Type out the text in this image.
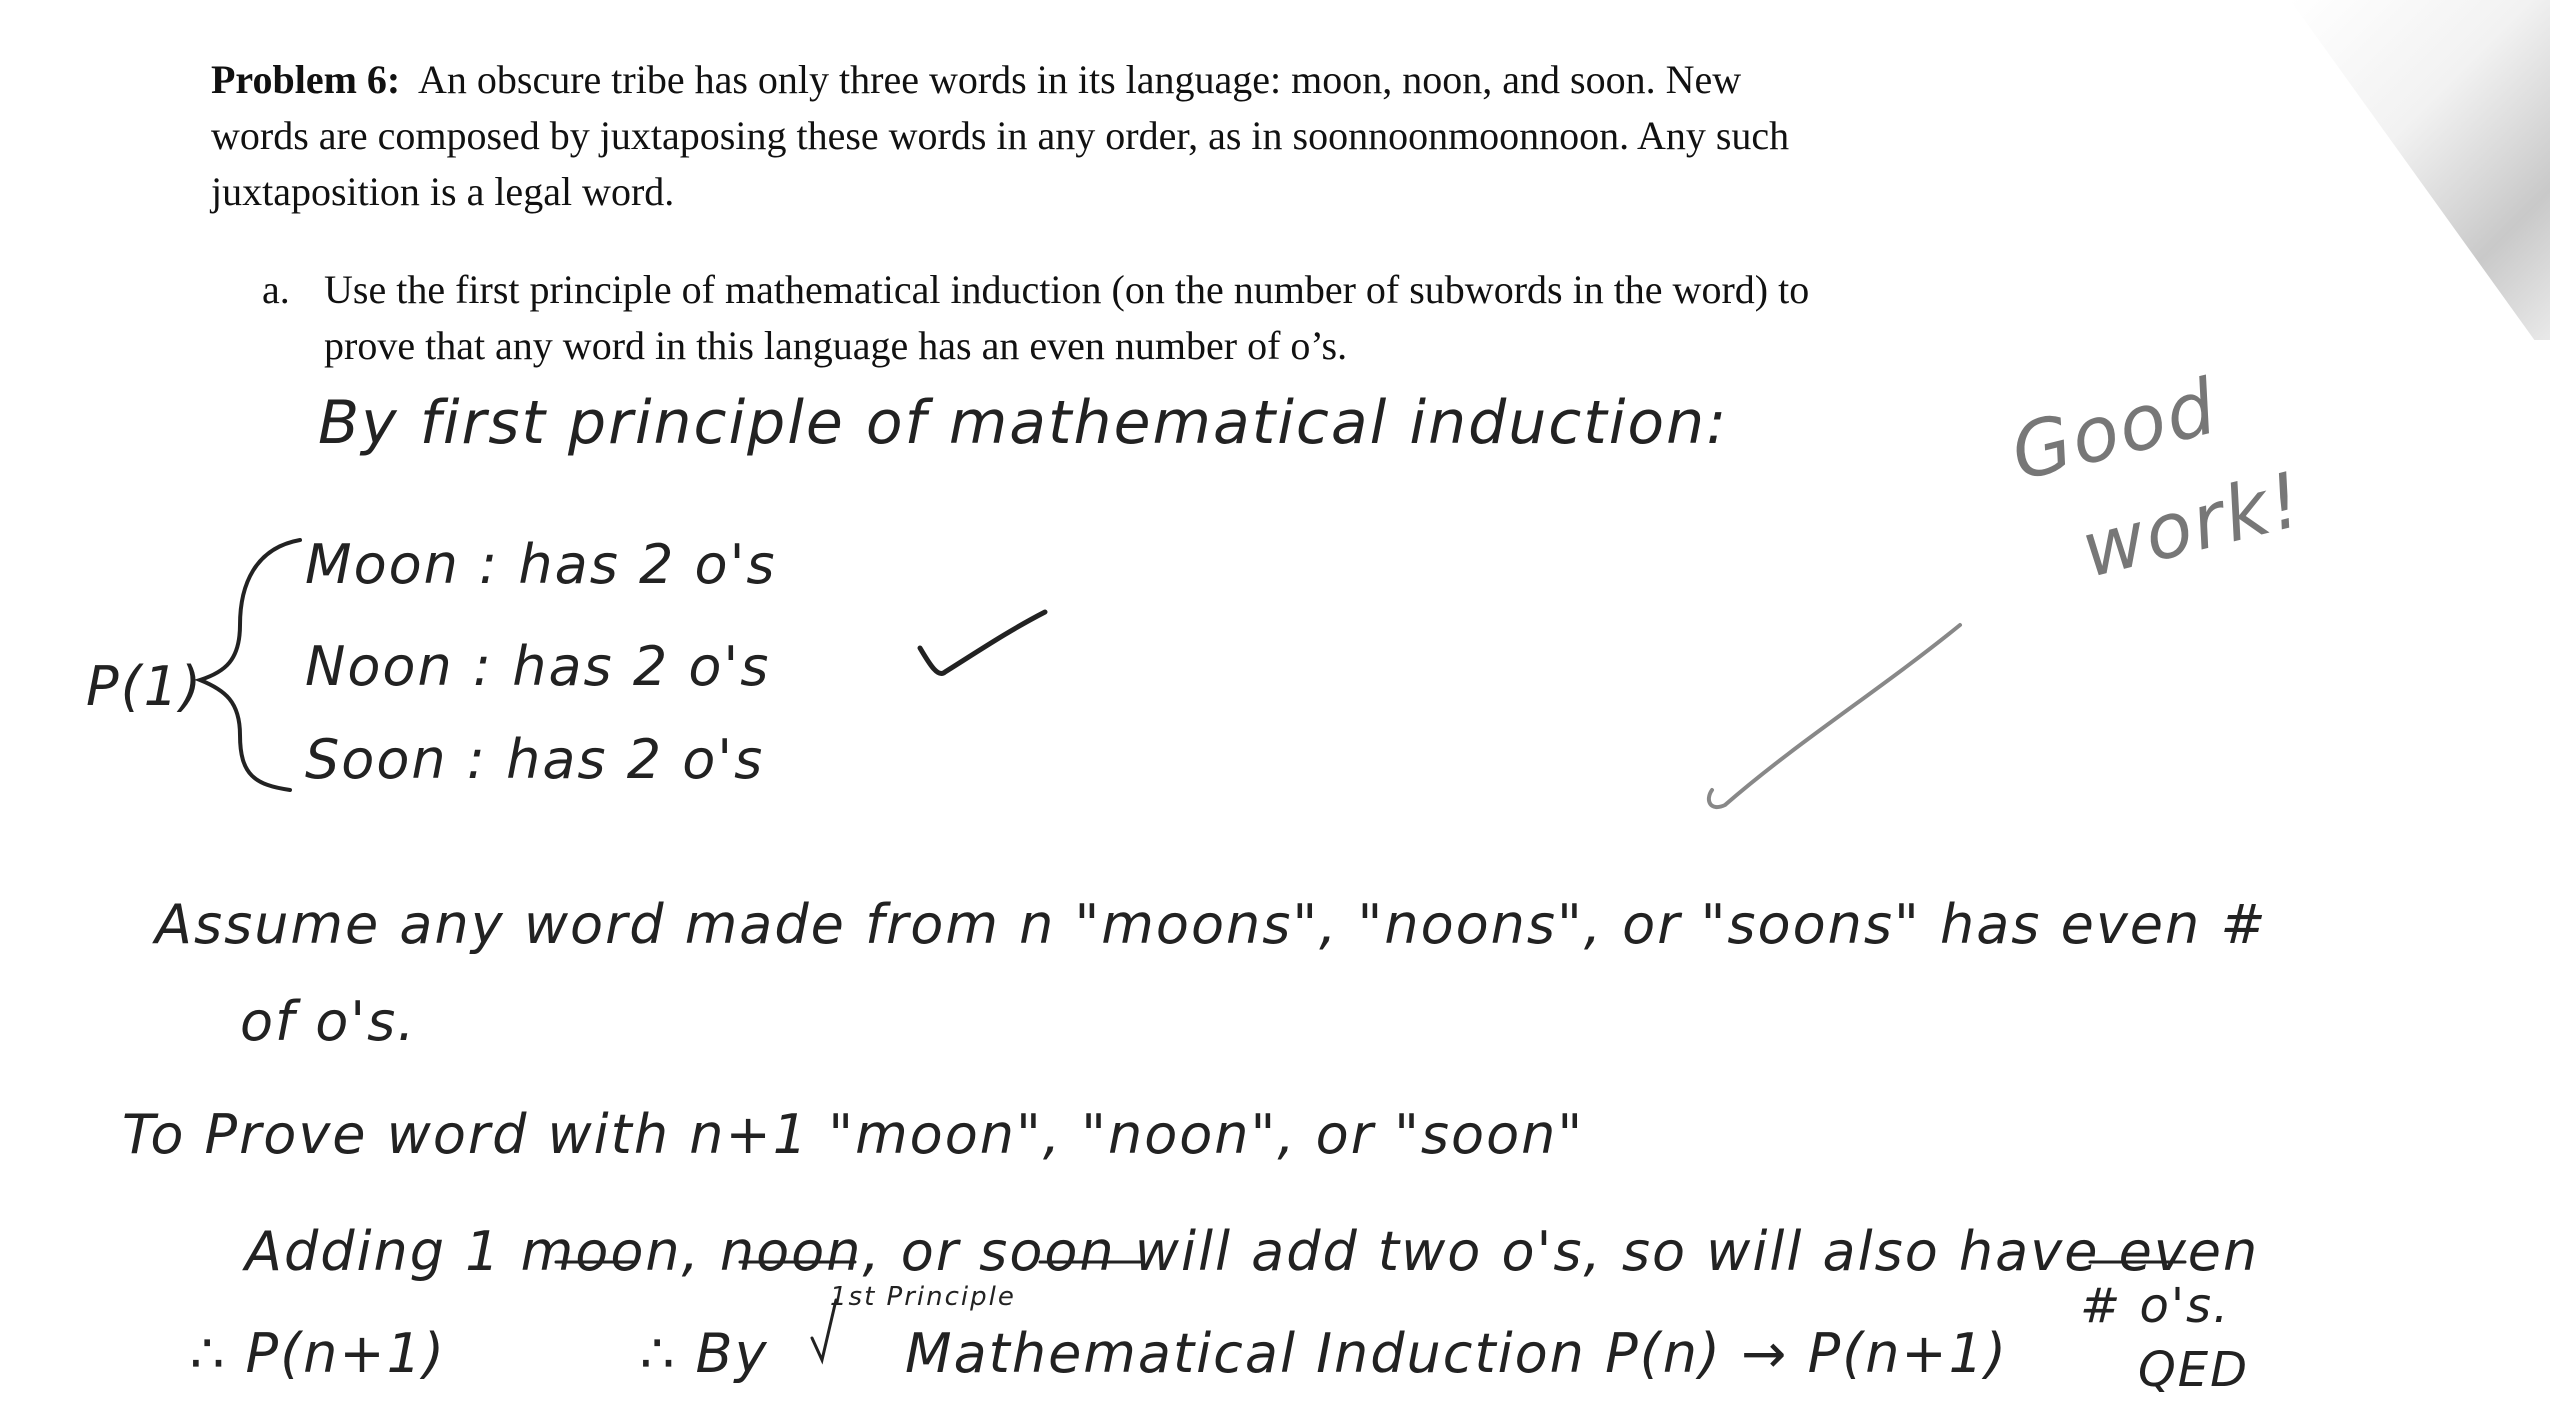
Problem 6: An obscure tribe has only three words in its language: moon, noon, and soon. New
words are composed by juxtaposing these words in any order, as in soonnoonmoonnoon. Any such
juxtaposition is a legal word.
a. Use the first principle of mathematical induction (on the number of subwords in the word) to
prove that any word in this language has an even number of o’s.
By first principle of mathematical induction:
P(1)
Moon : has 2 o's
Noon : has 2 o's
Soon : has 2 o's
Assume any word made from n "moons", "noons", or "soons" has even #
of o's.
To Prove word with n+1 "moon", "noon", or "soon"
Adding 1 moon, noon, or soon will add two o's, so will also have even
# o's.
∴ P(n+1)	∴ By
1st Principle
Mathematical Induction P(n) → P(n+1)	QED
Good
work!
